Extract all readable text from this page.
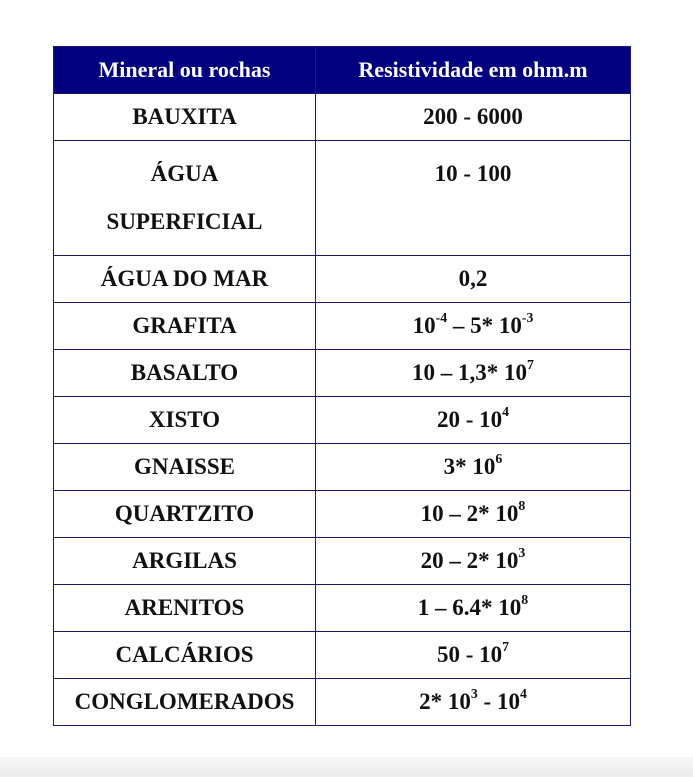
Mineral ou rochas	Resistividade em ohm.m
BAUXITA	200 - 6000

ÁGUA
SUPERFICIAL	10 - 100
ÁGUA DO MAR	0,2
GRAFITA	$10^{-4} - 5*$ $10^{-3}$
BASALTO	10 – 1,3* $10^7$
XISTO	$20 - 10^4$
GNAISSE	3* $10^6$
QUARTZITO	10 – 2* $10^8$
ARGILAS	20 – 2* $10^3$
ARENITOS	1 – 6.4* $10^8$
CALCÁRIOS	$50 - 10^7$
CONGLOMERADOS	2* $10^3 - 10^4$
